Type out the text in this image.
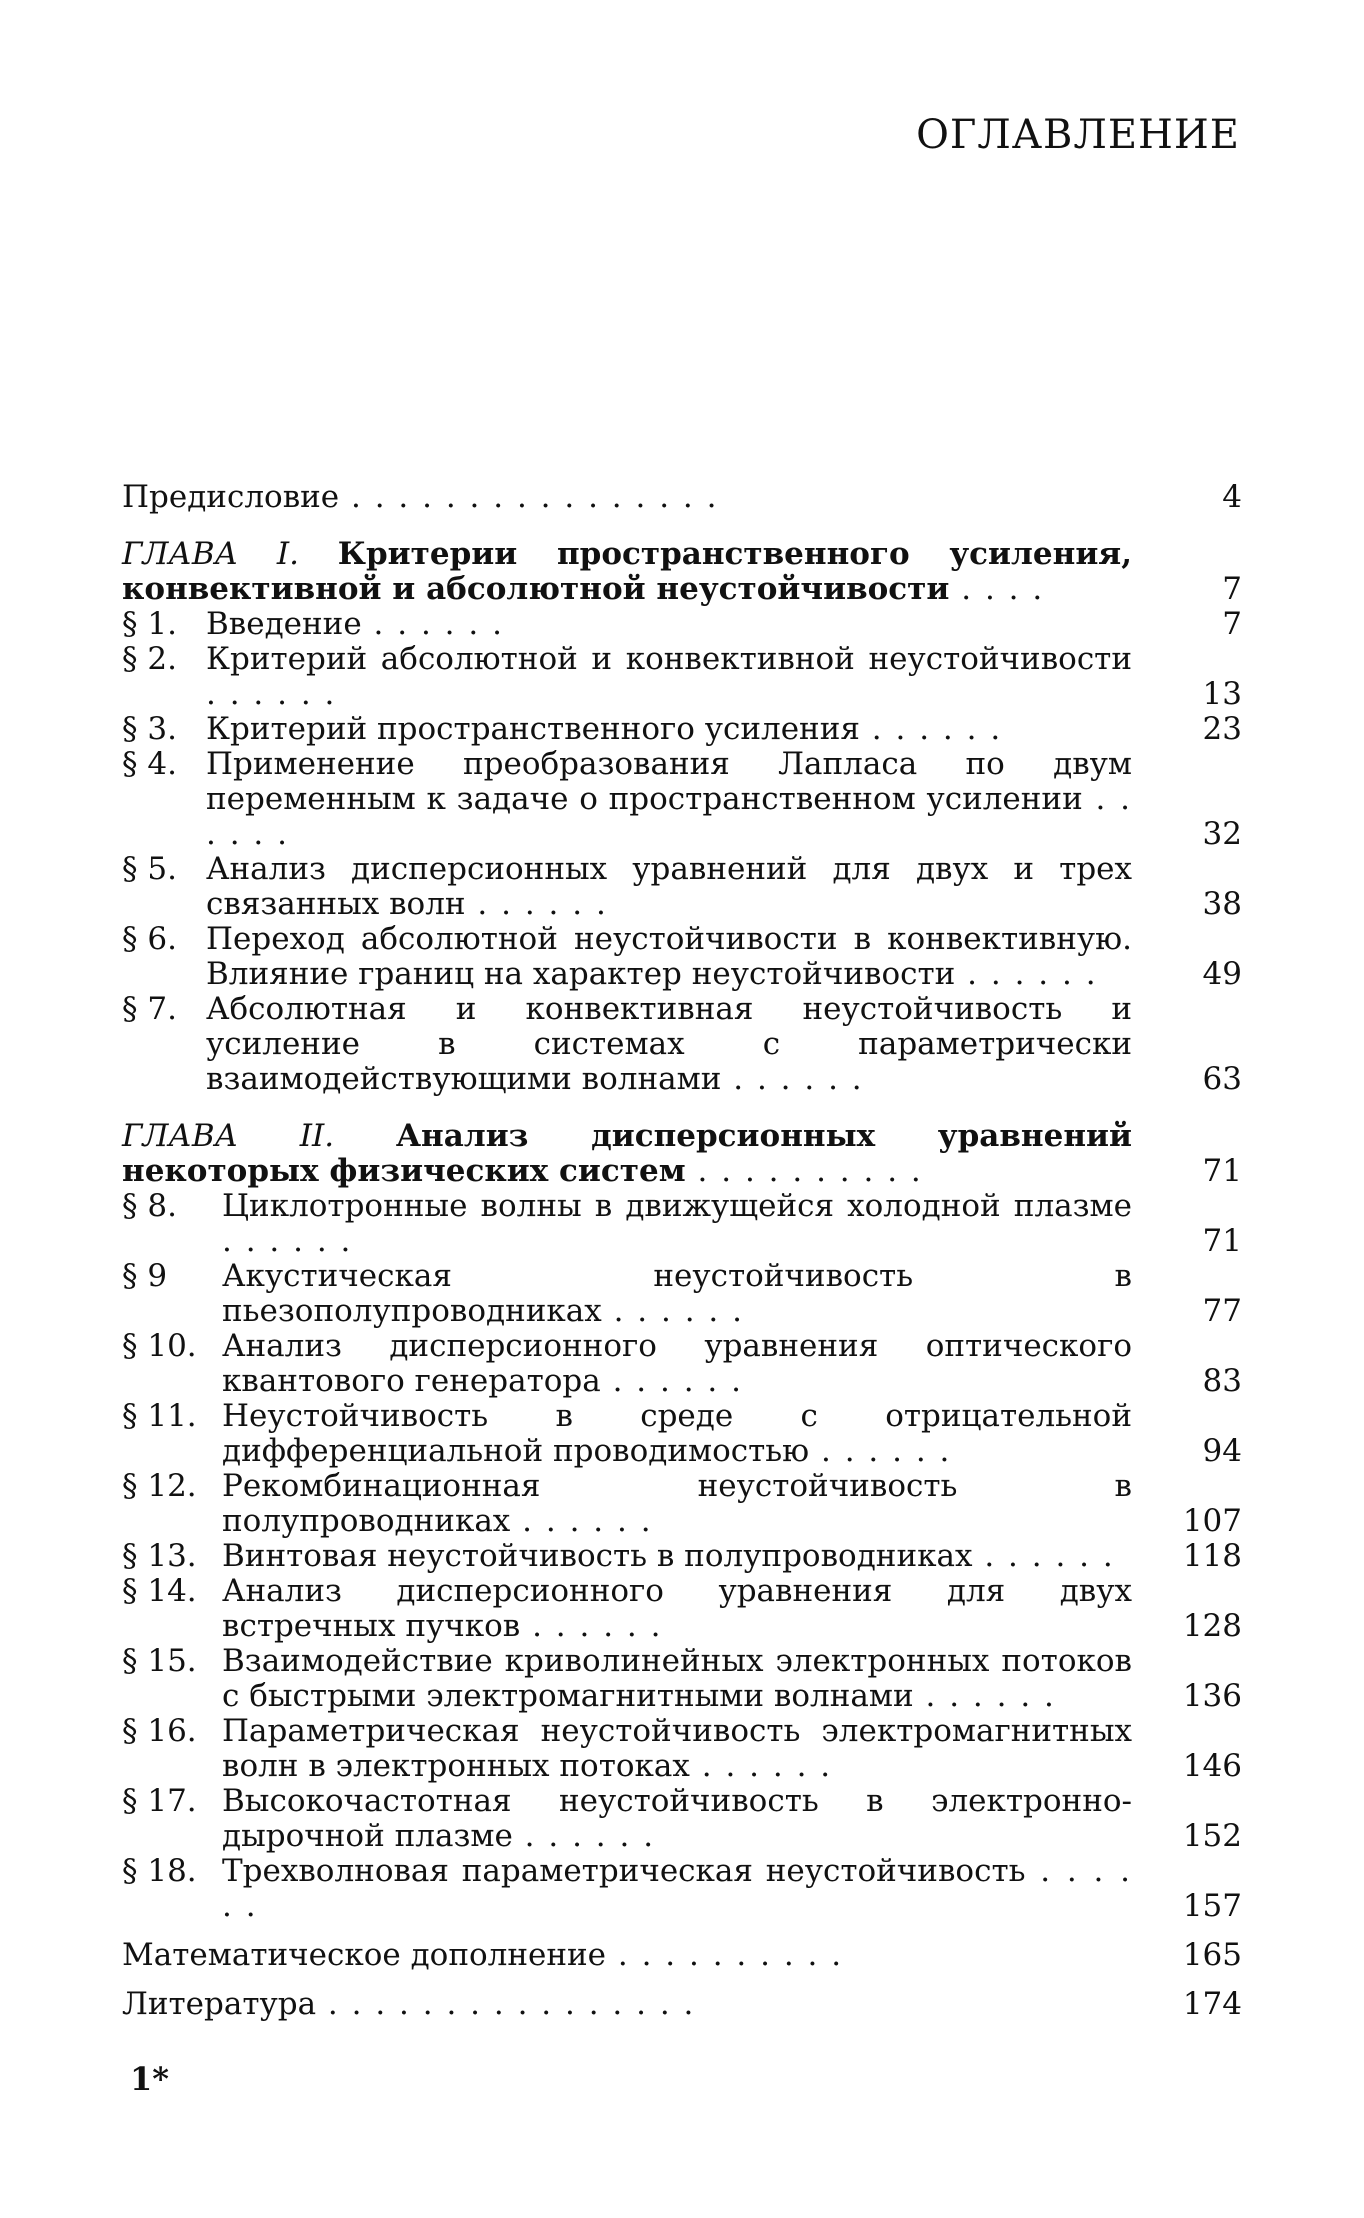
ОГЛАВЛЕНИЕ
Предисловие . . . . . . . . . . . . . . . .	4
ГЛАВА I. Критерии пространственного усиления, конвективной и абсолютной неустойчивости . . . .	7
§ 1. Введение . . . . . .	7
§ 2. Критерий абсолютной и конвективной неустойчивости . . . . . .	13
§ 3. Критерий пространственного усиления . . . . . .	23
§ 4. Применение преобразования Лапласа по двум переменным к задаче о пространственном усилении . . . . . .	32
§ 5. Анализ дисперсионных уравнений для двух и трех связанных волн . . . . . .	38
§ 6. Переход абсолютной неустойчивости в конвективную. Влияние границ на характер неустойчивости . . . . . .	49
§ 7. Абсолютная и конвективная неустойчивость и усиление в системах с параметрически взаимодействующими волнами . . . . . .	63
ГЛАВА II. Анализ дисперсионных уравнений некоторых физических систем . . . . . . . . . .	71
§ 8. Циклотронные волны в движущейся холодной плазме . . . . . .	71
§ 9 Акустическая неустойчивость в пьезополупроводниках . . . . . .	77
§ 10. Анализ дисперсионного уравнения оптического квантового генератора . . . . . .	83
§ 11. Неустойчивость в среде с отрицательной дифференциальной проводимостью . . . . . .	94
§ 12. Рекомбинационная неустойчивость в полупроводниках . . . . . .	107
§ 13. Винтовая неустойчивость в полупроводниках . . . . . .	118
§ 14. Анализ дисперсионного уравнения для двух встречных пучков . . . . . .	128
§ 15. Взаимодействие криволинейных электронных потоков с быстрыми электромагнитными волнами . . . . . .	136
§ 16. Параметрическая неустойчивость электромагнитных волн в электронных потоках . . . . . .	146
§ 17. Высокочастотная неустойчивость в электронно-дырочной плазме . . . . . .	152
§ 18. Трехволновая параметрическая неустойчивость . . . . . .	157
Математическое дополнение . . . . . . . . . .	165
Литература . . . . . . . . . . . . . . . .	174
1*
